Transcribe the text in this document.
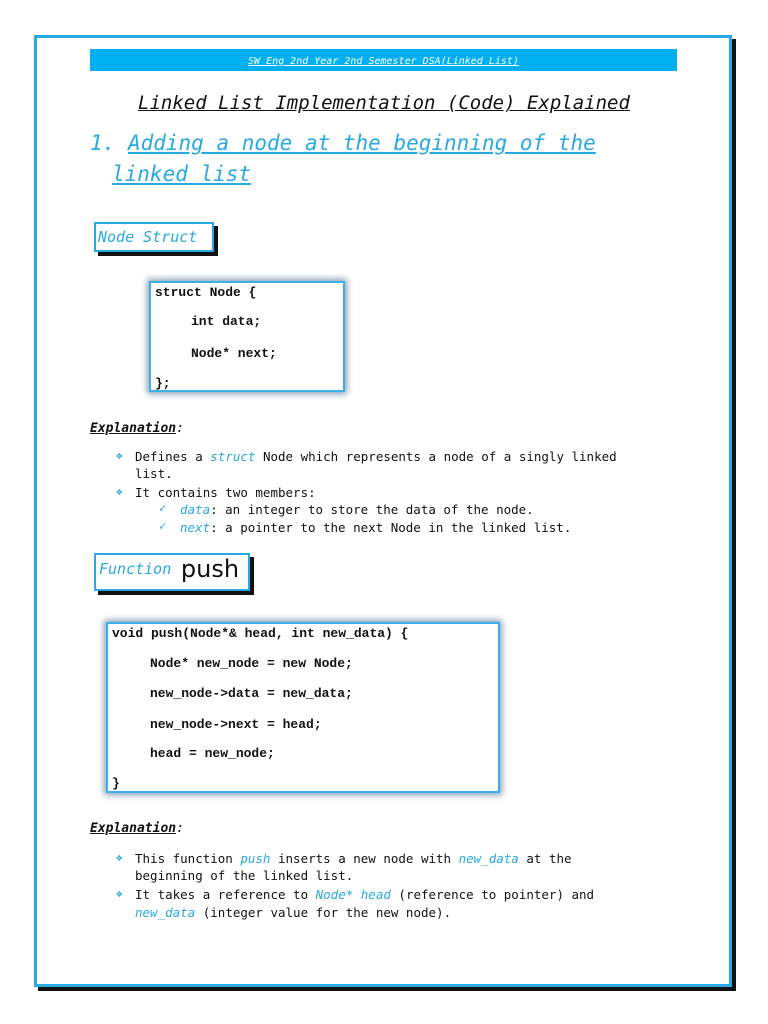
SW Eng 2nd Year 2nd Semester DSA(Linked List)
Linked List Implementation (Code) Explained
1. Adding a node at the beginning of the
linked list
Node Struct
struct Node {
int data;
Node* next;
};
Explanation:
❖ Defines a struct Node which represents a node of a singly linked
list.
❖ It contains two members:
✓ data: an integer to store the data of the node.
✓ next: a pointer to the next Node in the linked list.
Function push
void push(Node*& head, int new_data) {
Node* new_node = new Node;
new_node->data = new_data;
new_node->next = head;
head = new_node;
}
Explanation:
❖ This function push inserts a new node with new_data at the
beginning of the linked list.
❖ It takes a reference to Node* head (reference to pointer) and
new_data (integer value for the new node).
